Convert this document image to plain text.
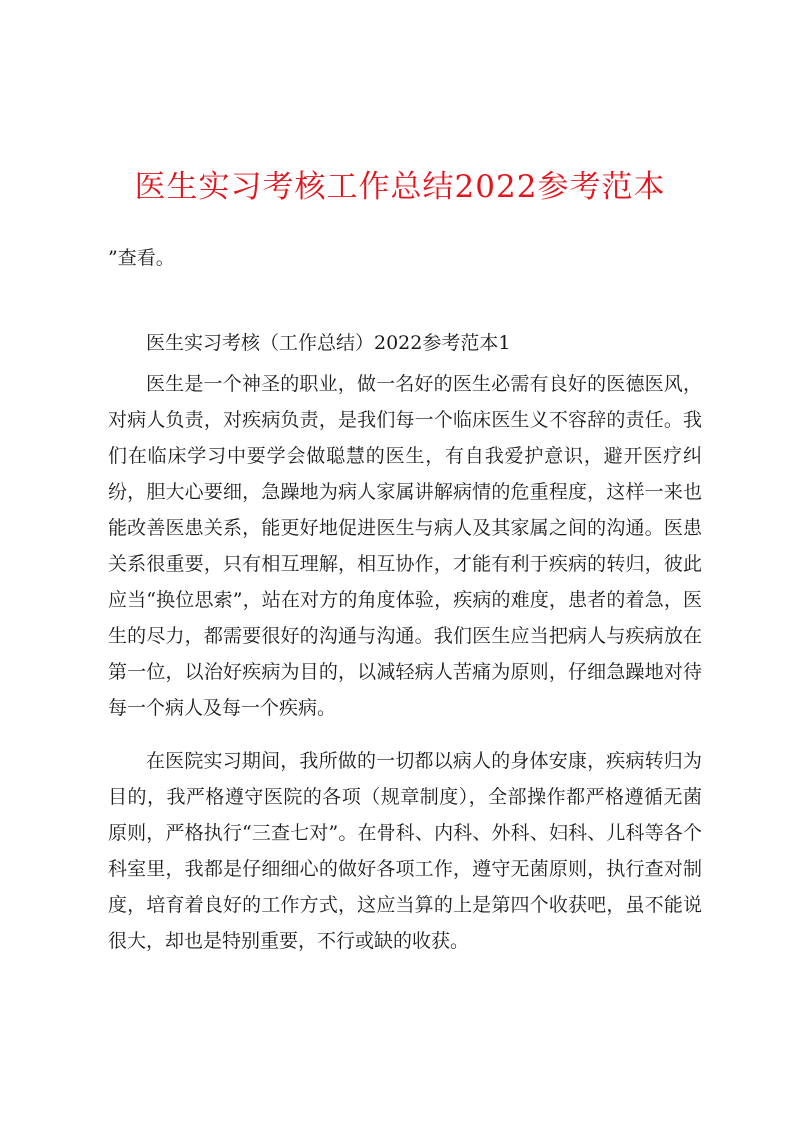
医生实习考核工作总结2022参考范本
”查看。
医生实习考核（工作总结）2022参考范本1
医生是一个神圣的职业，做一名好的医生必需有良好的医德医风，对病人负责，对疾病负责，是我们每一个临床医生义不容辞的责任。我们在临床学习中要学会做聪慧的医生，有自我爱护意识，避开医疗纠纷，胆大心要细，急躁地为病人家属讲解病情的危重程度，这样一来也能改善医患关系，能更好地促进医生与病人及其家属之间的沟通。医患关系很重要，只有相互理解，相互协作，才能有利于疾病的转归，彼此应当“换位思索”，站在对方的角度体验，疾病的难度，患者的着急，医生的尽力，都需要很好的沟通与沟通。我们医生应当把病人与疾病放在第一位，以治好疾病为目的，以减轻病人苦痛为原则，仔细急躁地对待每一个病人及每一个疾病。
在医院实习期间，我所做的一切都以病人的身体安康，疾病转归为目的，我严格遵守医院的各项（规章制度），全部操作都严格遵循无菌原则，严格执行“三查七对”。在骨科、内科、外科、妇科、儿科等各个科室里，我都是仔细细心的做好各项工作，遵守无菌原则，执行查对制度，培育着良好的工作方式，这应当算的上是第四个收获吧，虽不能说很大，却也是特别重要，不行或缺的收获。
